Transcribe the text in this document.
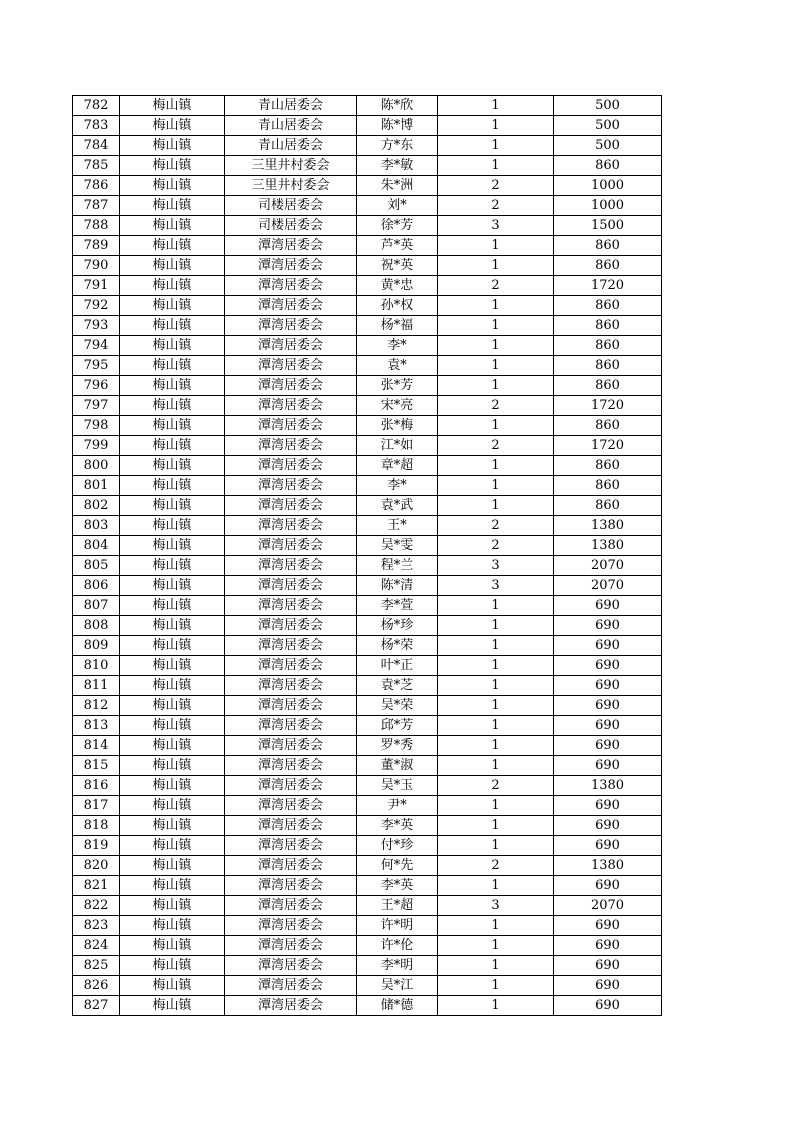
782	梅山镇	青山居委会	陈*欣	1	500
783	梅山镇	青山居委会	陈*博	1	500
784	梅山镇	青山居委会	方*东	1	500
785	梅山镇	三里井村委会	李*敏	1	860
786	梅山镇	三里井村委会	朱*洲	2	1000
787	梅山镇	司楼居委会	刘*	2	1000
788	梅山镇	司楼居委会	徐*芳	3	1500
789	梅山镇	潭湾居委会	芦*英	1	860
790	梅山镇	潭湾居委会	祝*英	1	860
791	梅山镇	潭湾居委会	黄*忠	2	1720
792	梅山镇	潭湾居委会	孙*权	1	860
793	梅山镇	潭湾居委会	杨*福	1	860
794	梅山镇	潭湾居委会	李*	1	860
795	梅山镇	潭湾居委会	袁*	1	860
796	梅山镇	潭湾居委会	张*芳	1	860
797	梅山镇	潭湾居委会	宋*亮	2	1720
798	梅山镇	潭湾居委会	张*梅	1	860
799	梅山镇	潭湾居委会	江*如	2	1720
800	梅山镇	潭湾居委会	章*超	1	860
801	梅山镇	潭湾居委会	李*	1	860
802	梅山镇	潭湾居委会	袁*武	1	860
803	梅山镇	潭湾居委会	王*	2	1380
804	梅山镇	潭湾居委会	吴*雯	2	1380
805	梅山镇	潭湾居委会	程*兰	3	2070
806	梅山镇	潭湾居委会	陈*清	3	2070
807	梅山镇	潭湾居委会	李*萱	1	690
808	梅山镇	潭湾居委会	杨*珍	1	690
809	梅山镇	潭湾居委会	杨*荣	1	690
810	梅山镇	潭湾居委会	叶*正	1	690
811	梅山镇	潭湾居委会	袁*芝	1	690
812	梅山镇	潭湾居委会	吴*荣	1	690
813	梅山镇	潭湾居委会	邱*芳	1	690
814	梅山镇	潭湾居委会	罗*秀	1	690
815	梅山镇	潭湾居委会	董*淑	1	690
816	梅山镇	潭湾居委会	吴*玉	2	1380
817	梅山镇	潭湾居委会	尹*	1	690
818	梅山镇	潭湾居委会	李*英	1	690
819	梅山镇	潭湾居委会	付*珍	1	690
820	梅山镇	潭湾居委会	何*先	2	1380
821	梅山镇	潭湾居委会	李*英	1	690
822	梅山镇	潭湾居委会	王*超	3	2070
823	梅山镇	潭湾居委会	许*明	1	690
824	梅山镇	潭湾居委会	许*伦	1	690
825	梅山镇	潭湾居委会	李*明	1	690
826	梅山镇	潭湾居委会	吴*江	1	690
827	梅山镇	潭湾居委会	储*德	1	690
